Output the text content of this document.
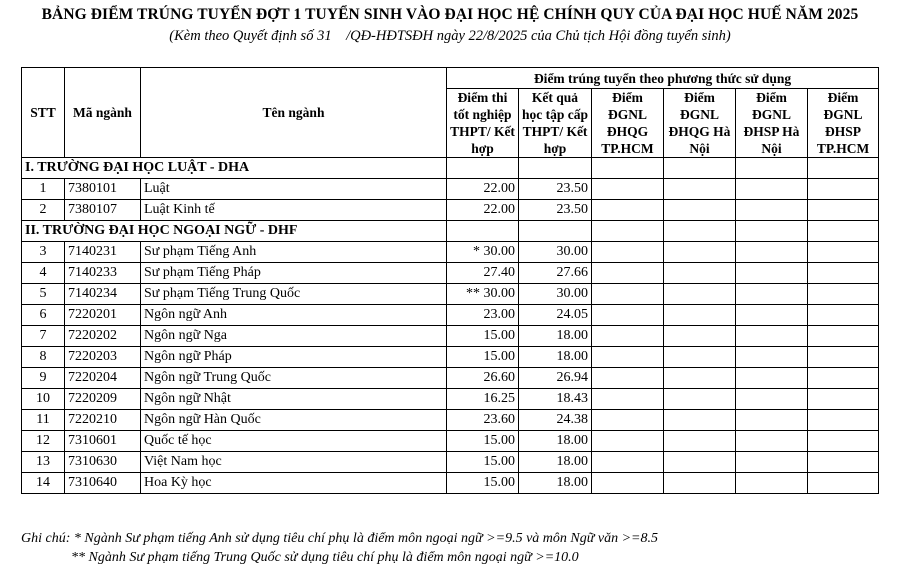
BẢNG ĐIỂM TRÚNG TUYỂN ĐỢT 1 TUYỂN SINH VÀO ĐẠI HỌC HỆ CHÍNH QUY CỦA ĐẠI HỌC HUẾ NĂM 2025
(Kèm theo Quyết định số 31    /QĐ-HĐTSĐH ngày 22/8/2025 của Chủ tịch Hội đồng tuyển sinh)
STT	Mã ngành	Tên ngành	Điểm trúng tuyển theo phương thức sử dụng					
			Điểm thi tốt nghiệp THPT/ Kết hợp	Kết quả học tập cấp THPT/ Kết hợp	Điểm ĐGNL ĐHQG TP.HCM	Điểm ĐGNL ĐHQG Hà Nội	Điểm ĐGNL ĐHSP Hà Nội	Điểm ĐGNL ĐHSP TP.HCM
I. TRƯỜNG ĐẠI HỌC LUẬT - DHA								
1	7380101	Luật	22.00	23.50				
2	7380107	Luật Kinh tế	22.00	23.50				
II. TRƯỜNG ĐẠI HỌC NGOẠI NGỮ - DHF								
3	7140231	Sư phạm Tiếng Anh	* 30.00	30.00				
4	7140233	Sư phạm Tiếng Pháp	27.40	27.66				
5	7140234	Sư phạm Tiếng Trung Quốc	** 30.00	30.00				
6	7220201	Ngôn ngữ Anh	23.00	24.05				
7	7220202	Ngôn ngữ Nga	15.00	18.00				
8	7220203	Ngôn ngữ Pháp	15.00	18.00				
9	7220204	Ngôn ngữ Trung Quốc	26.60	26.94				
10	7220209	Ngôn ngữ Nhật	16.25	18.43				
11	7220210	Ngôn ngữ Hàn Quốc	23.60	24.38				
12	7310601	Quốc tế học	15.00	18.00				
13	7310630	Việt Nam học	15.00	18.00				
14	7310640	Hoa Kỳ học	15.00	18.00				
Ghi chú: * Ngành Sư phạm tiếng Anh sử dụng tiêu chí phụ là điểm môn ngoại ngữ >=9.5 và môn Ngữ văn >=8.5
** Ngành Sư phạm tiếng Trung Quốc sử dụng tiêu chí phụ là điểm môn ngoại ngữ >=10.0
